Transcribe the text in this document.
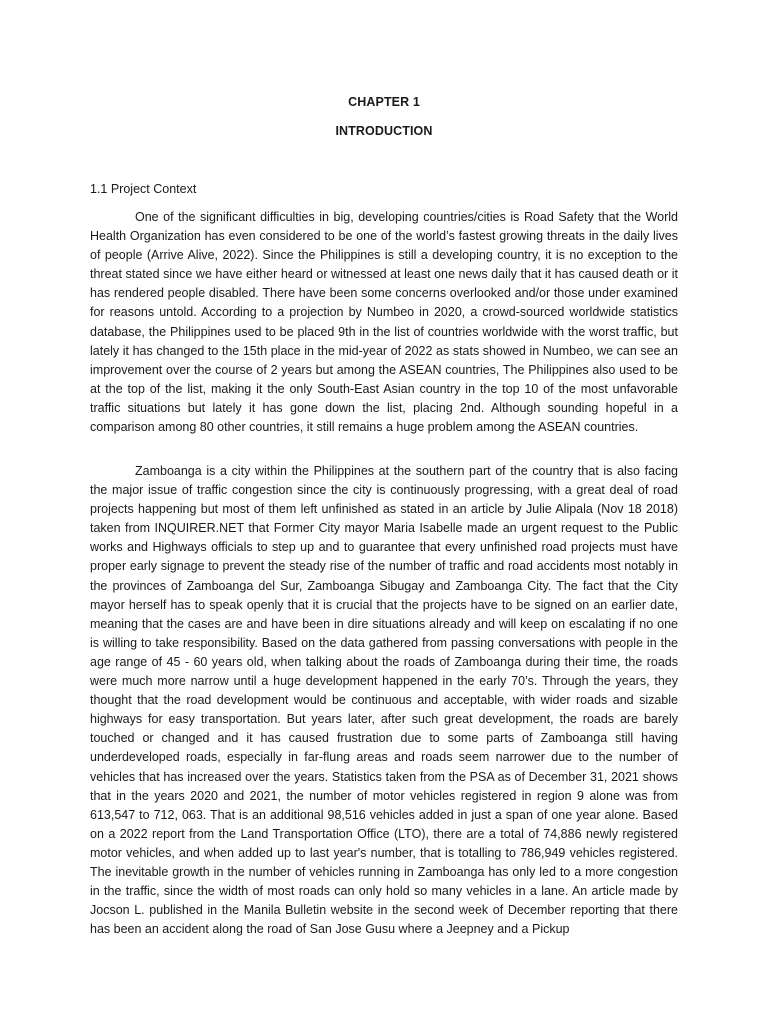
CHAPTER 1
INTRODUCTION
1.1 Project Context

One of the significant difficulties in big, developing countries/cities is Road Safety that the World Health Organization has even considered to be one of the world’s fastest growing threats in the daily lives of people (Arrive Alive, 2022). Since the Philippines is still a developing country, it is no exception to the threat stated since we have either heard or witnessed at least one news daily that it has caused death or it has rendered people disabled. There have been some concerns overlooked and/or those under examined for reasons untold. According to a projection by Numbeo in 2020, a crowd-sourced worldwide statistics database, the Philippines used to be placed 9th in the list of countries worldwide with the worst traffic, but lately it has changed to the 15th place in the mid-year of 2022 as stats showed in Numbeo, we can see an improvement over the course of 2 years but among the ASEAN countries, The Philippines also used to be at the top of the list, making it the only South-East Asian country in the top 10 of the most unfavorable traffic situations but lately it has gone down the list, placing 2nd. Although sounding hopeful in a comparison among 80 other countries, it still remains a huge problem among the ASEAN countries.

Zamboanga is a city within the Philippines at the southern part of the country that is also facing the major issue of traffic congestion since the city is continuously progressing, with a great deal of road projects happening but most of them left unfinished as stated in an article by Julie Alipala (Nov 18 2018) taken from INQUIRER.NET that Former City mayor Maria Isabelle made an urgent request to the Public works and Highways officials to step up and to guarantee that every unfinished road projects must have proper early signage to prevent the steady rise of the number of traffic and road accidents most notably in the provinces of Zamboanga del Sur, Zamboanga Sibugay and Zamboanga City. The fact that the City mayor herself has to speak openly that it is crucial that the projects have to be signed on an earlier date, meaning that the cases are and have been in dire situations already and will keep on escalating if no one is willing to take responsibility. Based on the data gathered from passing conversations with people in the age range of 45 - 60 years old, when talking about the roads of Zamboanga during their time, the roads were much more narrow until a huge development happened in the early 70’s. Through the years, they thought that the road development would be continuous and acceptable, with wider roads and sizable highways for easy transportation. But years later, after such great development, the roads are barely touched or changed and it has caused frustration due to some parts of Zamboanga still having underdeveloped roads, especially in far-flung areas and roads seem narrower due to the number of vehicles that has increased over the years. Statistics taken from the PSA as of December 31, 2021 shows that in the years 2020 and 2021, the number of motor vehicles registered in region 9 alone was from 613,547 to 712, 063. That is an additional 98,516 vehicles added in just a span of one year alone. Based on a 2022 report from the Land Transportation Office (LTO), there are a total of 74,886 newly registered motor vehicles, and when added up to last year's number, that is totalling to 786,949 vehicles registered. The inevitable growth in the number of vehicles running in Zamboanga has only led to a more congestion in the traffic, since the width of most roads can only hold so many vehicles in a lane. An article made by Jocson L. published in the Manila Bulletin website in the second week of December reporting that there has been an accident along the road of San Jose Gusu where a Jeepney and a Pickup
